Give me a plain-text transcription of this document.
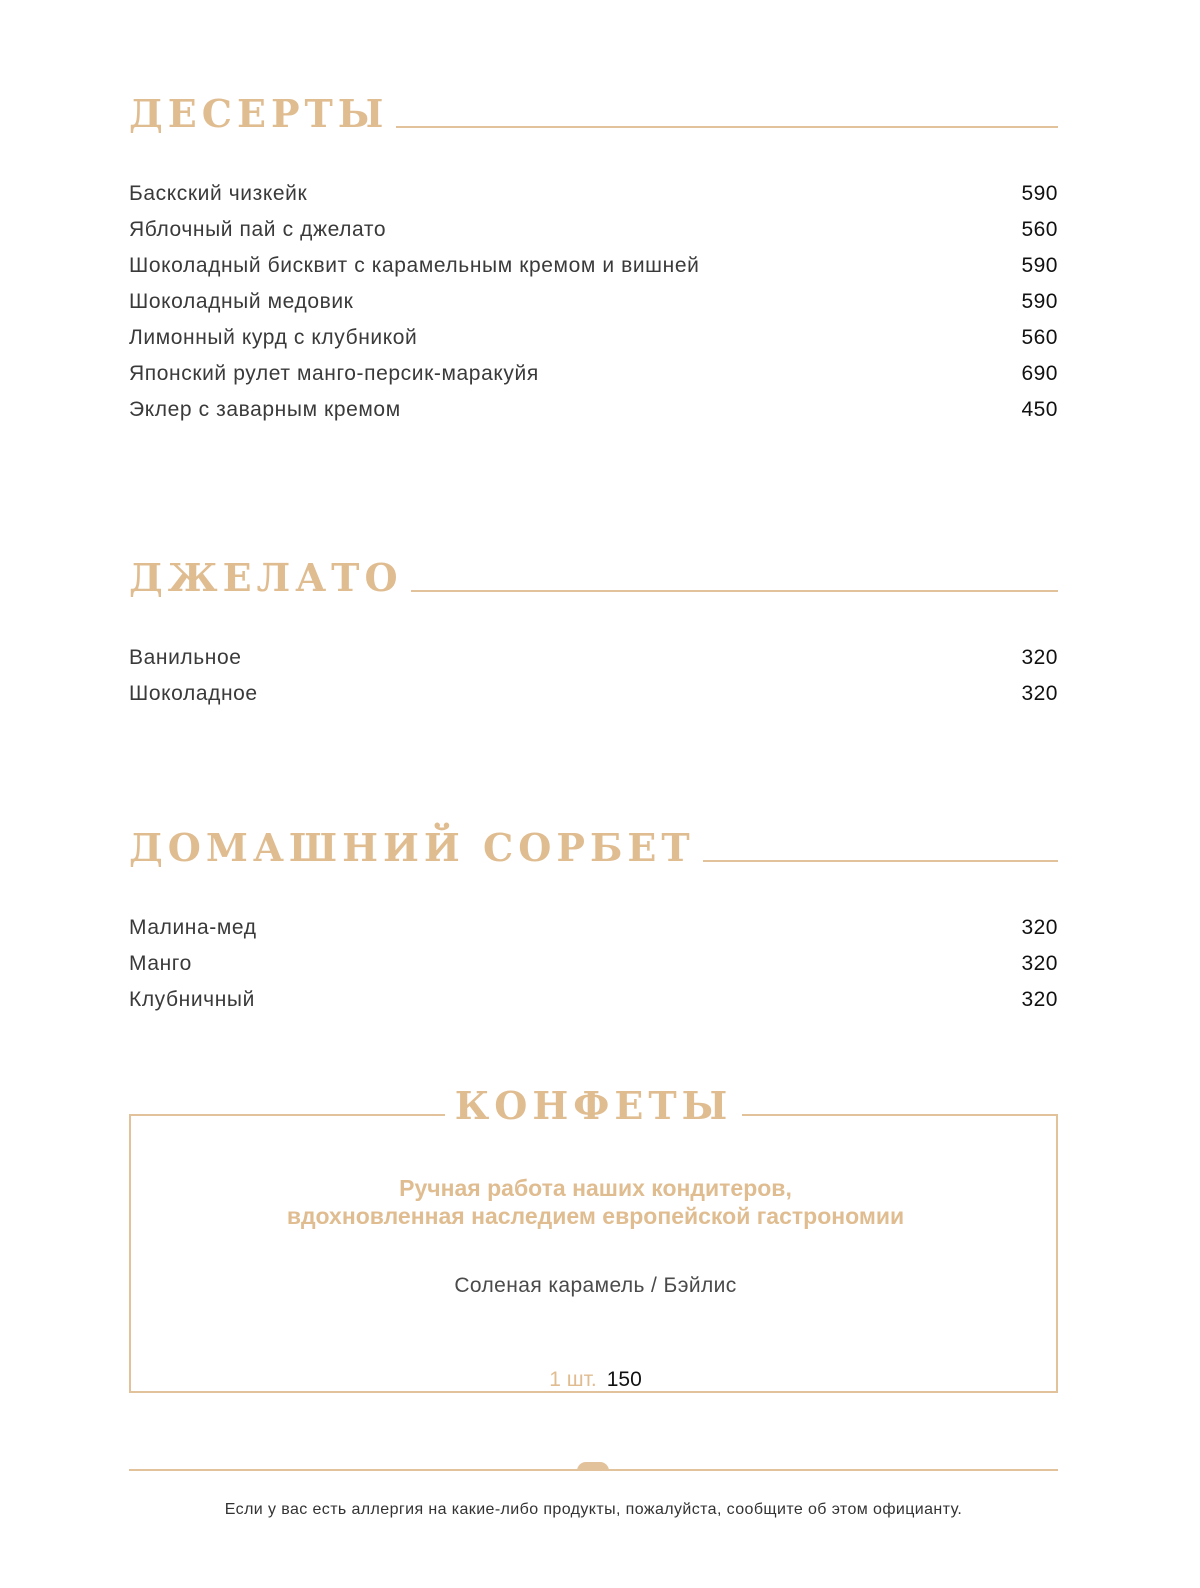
ДЕСЕРТЫ
Баскский чизкейк	590
Яблочный пай с джелато	560
Шоколадный бисквит с карамельным кремом и вишней	590
Шоколадный медовик	590
Лимонный курд с клубникой	560
Японский рулет манго-персик-маракуйя	690
Эклер с заварным кремом	450
ДЖЕЛАТО
Ванильное	320
Шоколадное	320
ДОМАШНИЙ СОРБЕТ
Малина-мед	320
Манго	320
Клубничный	320
Ручная работа наших кондитеров,
вдохновленная наследием европейской гастрономии
Соленая карамель / Бэйлис
1 шт. 150
КОНФЕТЫ
Если у вас есть аллергия на какие-либо продукты, пожалуйста, сообщите об этом официанту.
